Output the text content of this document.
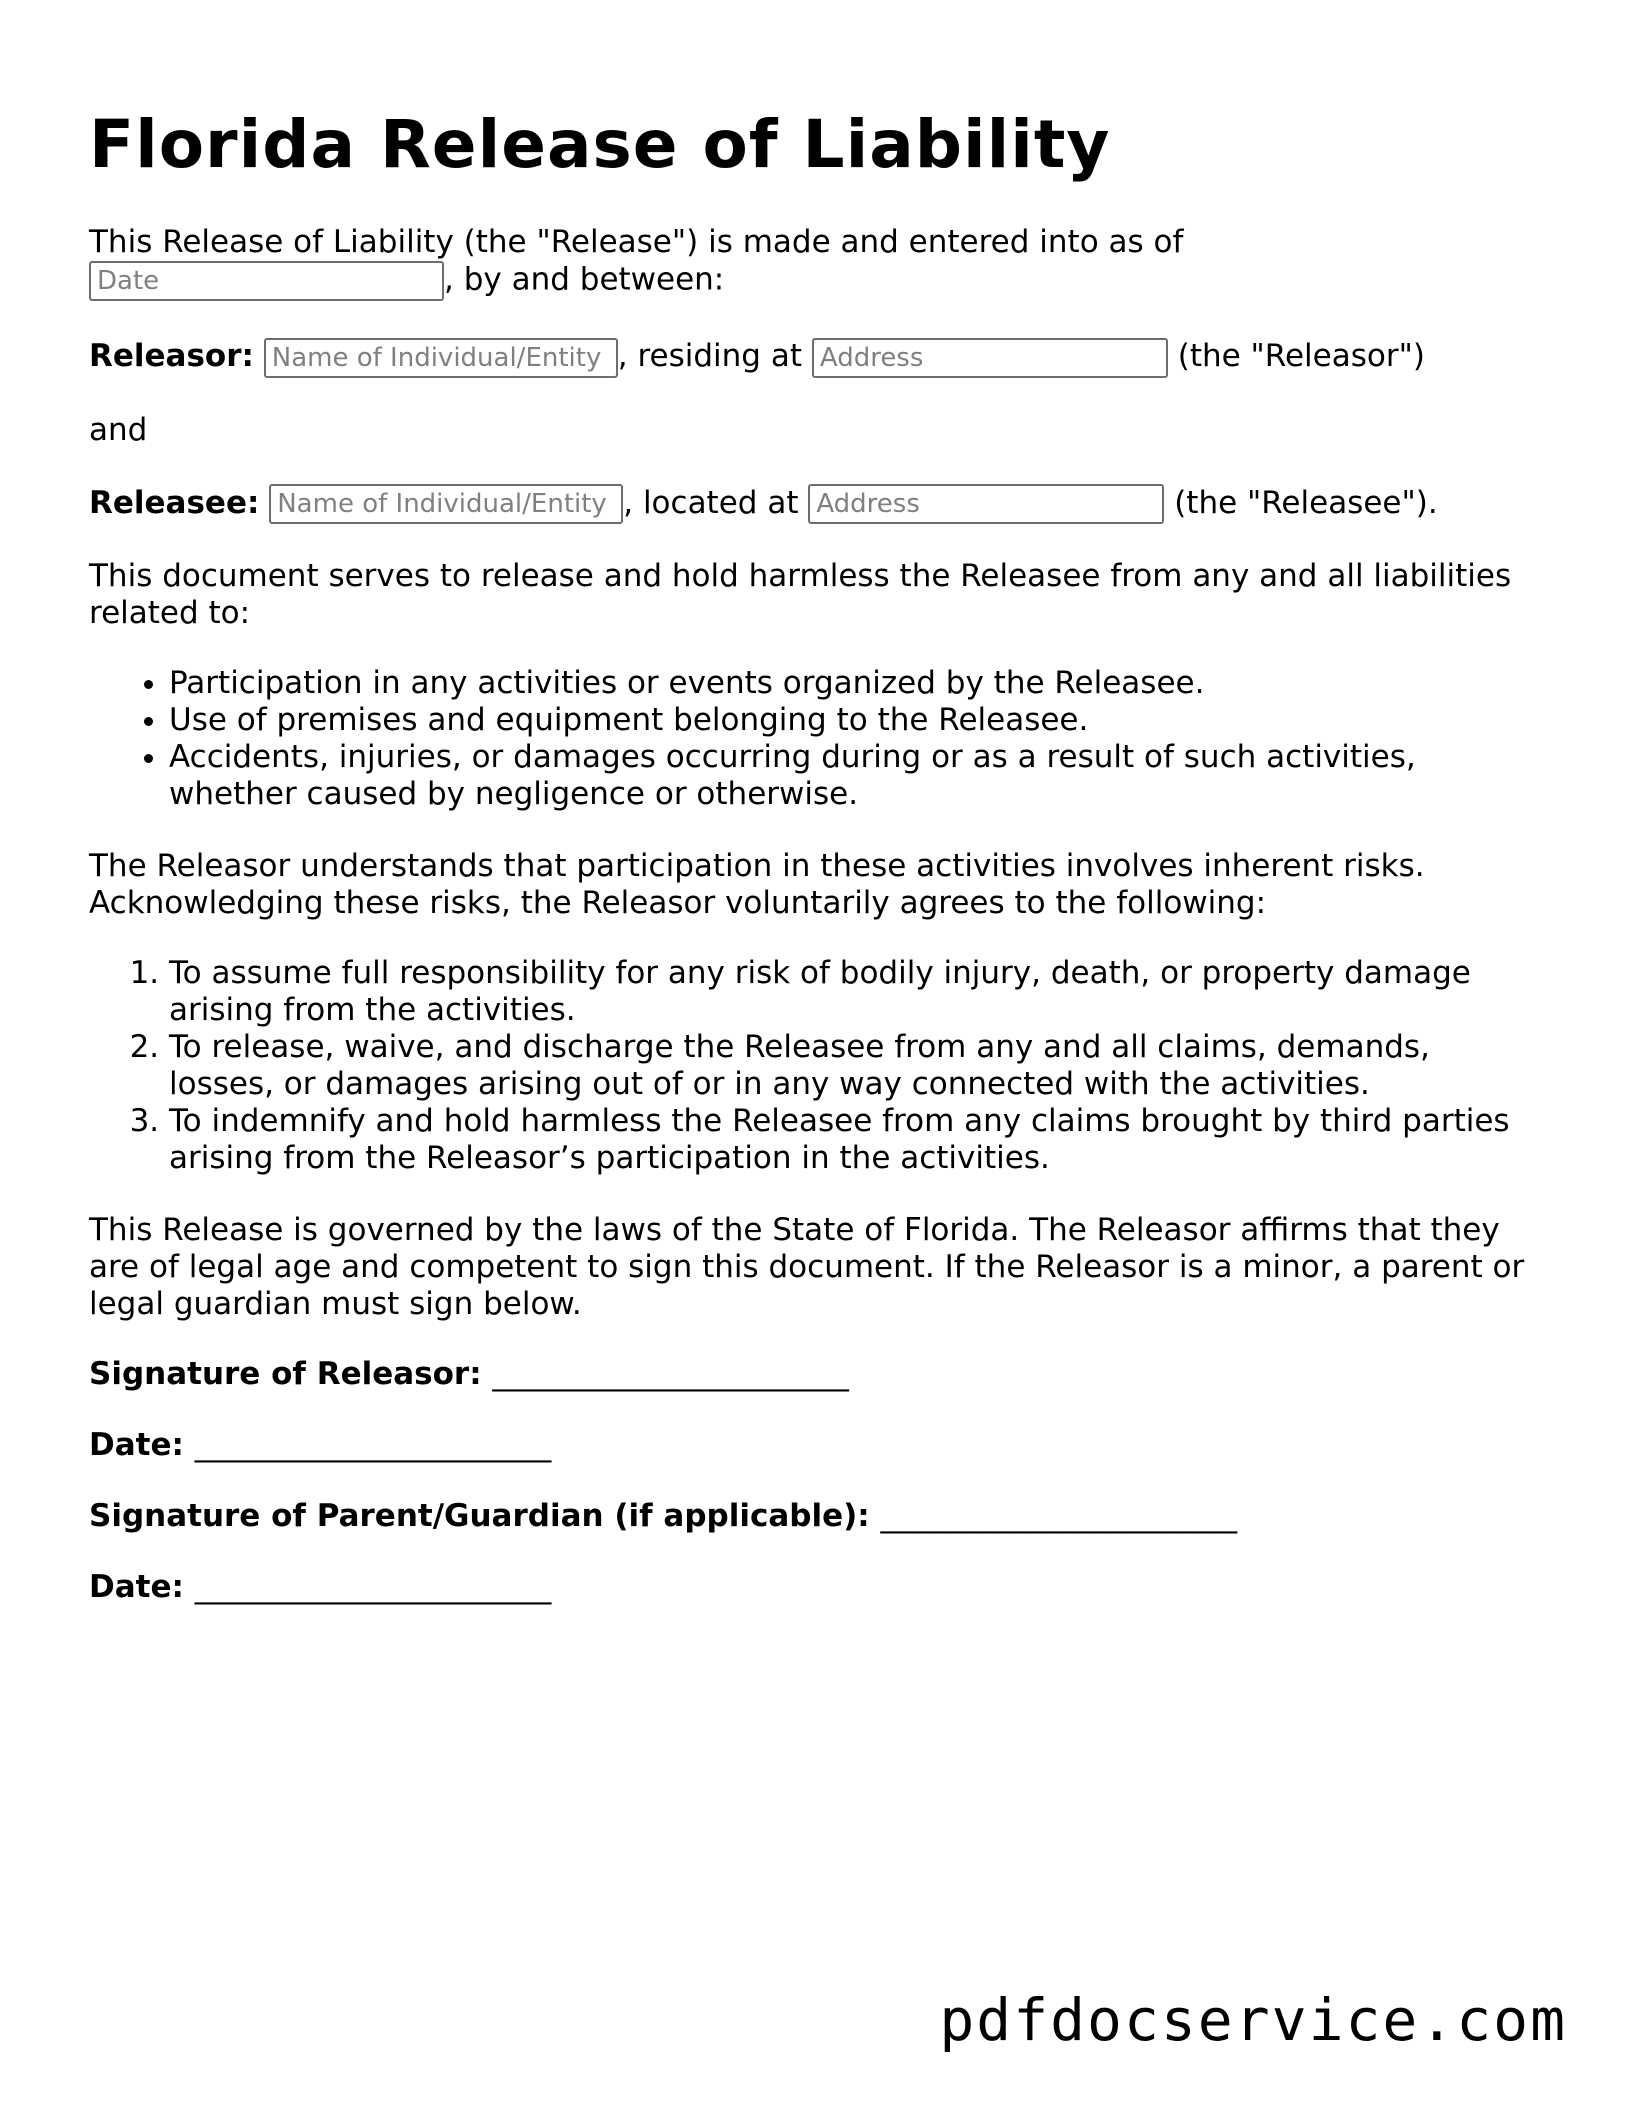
Florida Release of Liability

This Release of Liability (the "Release") is made and entered into as of
Date	, by and between:

Releasor: Name of Individual/Entity , residing at Address	(the "Releasor")
and
Releasee: Name of Individual/Entity , located at Address	(the "Releasee").

This document serves to release and hold harmless the Releasee from any and all liabilities related to:

• Participation in any activities or events organized by the Releasee.
• Use of premises and equipment belonging to the Releasee.
• Accidents, injuries, or damages occurring during or as a result of such activities, whether caused by negligence or otherwise.

The Releasor understands that participation in these activities involves inherent risks. Acknowledging these risks, the Releasor voluntarily agrees to the following:

1. To assume full responsibility for any risk of bodily injury, death, or property damage arising from the activities.
2. To release, waive, and discharge the Releasee from any and all claims, demands, losses, or damages arising out of or in any way connected with the activities.
3. To indemnify and hold harmless the Releasee from any claims brought by third parties arising from the Releasor’s participation in the activities.

This Release is governed by the laws of the State of Florida. The Releasor affirms that they are of legal age and competent to sign this document. If the Releasor is a minor, a parent or legal guardian must sign below.

Signature of Releasor: _______________________
Date: _______________________
Signature of Parent/Guardian (if applicable): _______________________
Date: _______________________
pdfdocservice.com
